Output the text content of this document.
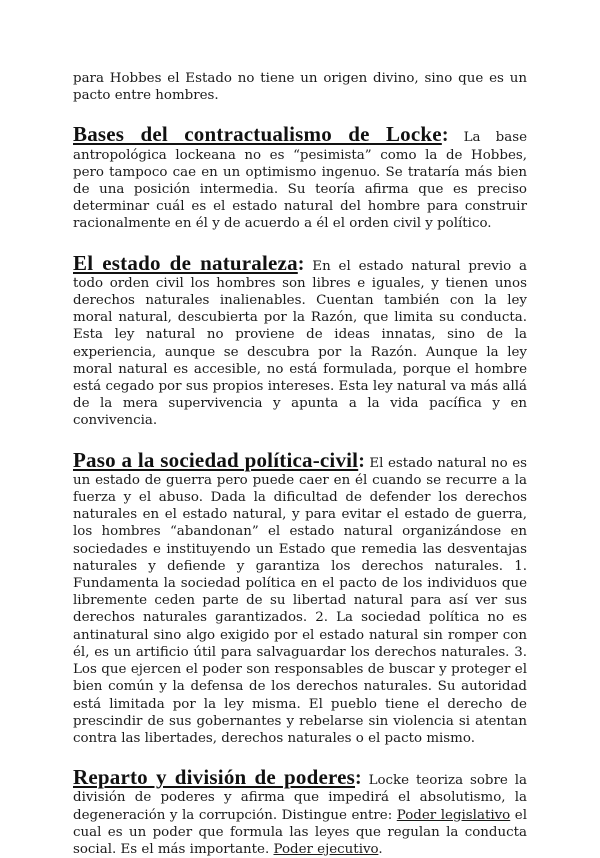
para Hobbes el Estado no tiene un origen divino, sino que es un pacto entre hombres.

Bases del contractualismo de Locke: La base antropológica lockeana no es “pesimista” como la de Hobbes, pero tampoco cae en un optimismo ingenuo. Se trataría más bien de una posición intermedia. Su teoría afirma que es preciso determinar cuál es el estado natural del hombre para construir racionalmente en él y de acuerdo a él el orden civil y político.

El estado de naturaleza: En el estado natural previo a todo orden civil los hombres son libres e iguales, y tienen unos derechos naturales inalienables. Cuentan también con la ley moral natural, descubierta por la Razón, que limita su conducta. Esta ley natural no proviene de ideas innatas, sino de la experiencia, aunque se descubra por la Razón. Aunque la ley moral natural es accesible, no está formulada, porque el hombre está cegado por sus propios intereses. Esta ley natural va más allá de la mera supervivencia y apunta a la vida pacífica y en convivencia.

Paso a la sociedad política-civil: El estado natural no es un estado de guerra pero puede caer en él cuando se recurre a la fuerza y el abuso. Dada la dificultad de defender los derechos naturales en el estado natural, y para evitar el estado de guerra, los hombres “abandonan” el estado natural organizándose en sociedades e instituyendo un Estado que remedia las desventajas naturales y defiende y garantiza los derechos naturales. 1. Fundamenta la sociedad política en el pacto de los individuos que libremente ceden parte de su libertad natural para así ver sus derechos naturales garantizados. 2. La sociedad política no es antinatural sino algo exigido por el estado natural sin romper con él, es un artificio útil para salvaguardar los derechos naturales. 3. Los que ejercen el poder son responsables de buscar y proteger el bien común y la defensa de los derechos naturales. Su autoridad está limitada por la ley misma. El pueblo tiene el derecho de prescindir de sus gobernantes y rebelarse sin violencia si atentan contra las libertades, derechos naturales o el pacto mismo.

Reparto y división de poderes: Locke teoriza sobre la división de poderes y afirma que impedirá el absolutismo, la degeneración y la corrupción. Distingue entre: Poder legislativo el cual es un poder que formula las leyes que regulan la conducta social. Es el más importante. Poder ejecutivo.
